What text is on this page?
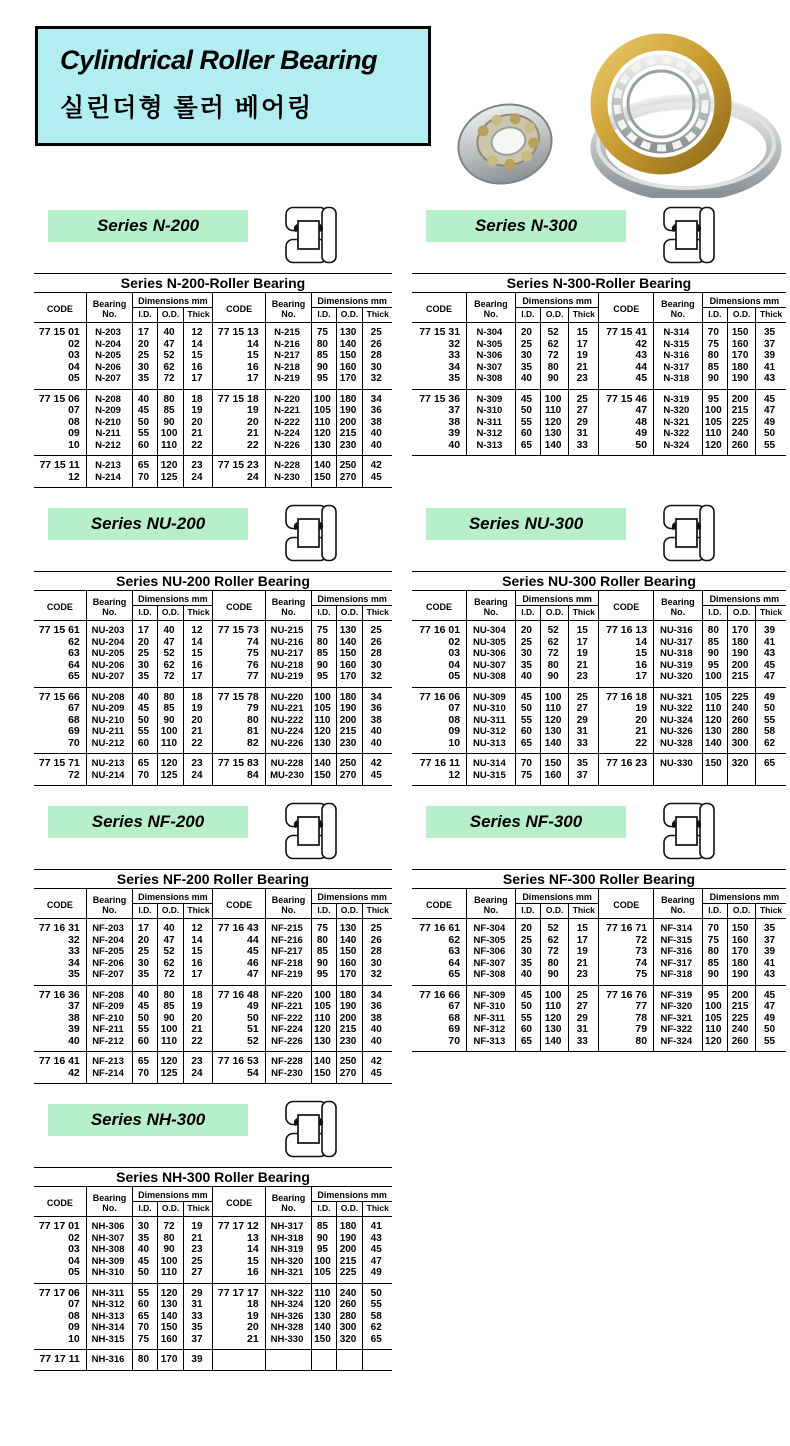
Cylindrical Roller Bearing
실린더형 롤러 베어링
Series N-200
Series N-200-Roller Bearing									
CODE	Bearing No.	Dimensions mm			CODE	Bearing No.	Dimensions mm		
		I.D.	O.D.	Thick			I.D.	O.D.	Thick
77 15 01	N-203	17	40	12	77 15 13	N-215	75	130	25
02	N-204	20	47	14	14	N-216	80	140	26
03	N-205	25	52	15	15	N-217	85	150	28
04	N-206	30	62	16	16	N-218	90	160	30
05	N-207	35	72	17	17	N-219	95	170	32
77 15 06	N-208	40	80	18	77 15 18	N-220	100	180	34
07	N-209	45	85	19	19	N-221	105	190	36
08	N-210	50	90	20	20	N-222	110	200	38
09	N-211	55	100	21	21	N-224	120	215	40
10	N-212	60	110	22	22	N-226	130	230	40
77 15 11	N-213	65	120	23	77 15 23	N-228	140	250	42
12	N-214	70	125	24	24	N-230	150	270	45
Series N-300
Series N-300-Roller Bearing									
CODE	Bearing No.	Dimensions mm			CODE	Bearing No.	Dimensions mm		
		I.D.	O.D.	Thick			I.D.	O.D.	Thick
77 15 31	N-304	20	52	15	77 15 41	N-314	70	150	35
32	N-305	25	62	17	42	N-315	75	160	37
33	N-306	30	72	19	43	N-316	80	170	39
34	N-307	35	80	21	44	N-317	85	180	41
35	N-308	40	90	23	45	N-318	90	190	43
77 15 36	N-309	45	100	25	77 15 46	N-319	95	200	45
37	N-310	50	110	27	47	N-320	100	215	47
38	N-311	55	120	29	48	N-321	105	225	49
39	N-312	60	130	31	49	N-322	110	240	50
40	N-313	65	140	33	50	N-324	120	260	55
Series NU-200
Series NU-200 Roller Bearing									
CODE	Bearing No.	Dimensions mm			CODE	Bearing No.	Dimensions mm		
		I.D.	O.D.	Thick			I.D.	O.D.	Thick
77 15 61	NU-203	17	40	12	77 15 73	NU-215	75	130	25
62	NU-204	20	47	14	74	NU-216	80	140	26
63	NU-205	25	52	15	75	NU-217	85	150	28
64	NU-206	30	62	16	76	NU-218	90	160	30
65	NU-207	35	72	17	77	NU-219	95	170	32
77 15 66	NU-208	40	80	18	77 15 78	NU-220	100	180	34
67	NU-209	45	85	19	79	NU-221	105	190	36
68	NU-210	50	90	20	80	NU-222	110	200	38
69	NU-211	55	100	21	81	NU-224	120	215	40
70	NU-212	60	110	22	82	NU-226	130	230	40
77 15 71	NU-213	65	120	23	77 15 83	NU-228	140	250	42
72	NU-214	70	125	24	84	MU-230	150	270	45
Series NU-300
Series NU-300 Roller Bearing									
CODE	Bearing No.	Dimensions mm			CODE	Bearing No.	Dimensions mm		
		I.D.	O.D.	Thick			I.D.	O.D.	Thick
77 16 01	NU-304	20	52	15	77 16 13	NU-316	80	170	39
02	NU-305	25	62	17	14	NU-317	85	180	41
03	NU-306	30	72	19	15	NU-318	90	190	43
04	NU-307	35	80	21	16	NU-319	95	200	45
05	NU-308	40	90	23	17	NU-320	100	215	47
77 16 06	NU-309	45	100	25	77 16 18	NU-321	105	225	49
07	NU-310	50	110	27	19	NU-322	110	240	50
08	NU-311	55	120	29	20	NU-324	120	260	55
09	NU-312	60	130	31	21	NU-326	130	280	58
10	NU-313	65	140	33	22	NU-328	140	300	62
77 16 11	NU-314	70	150	35	77 16 23	NU-330	150	320	65
12	NU-315	75	160	37					
Series NF-200
Series NF-200 Roller Bearing									
CODE	Bearing No.	Dimensions mm			CODE	Bearing No.	Dimensions mm		
		I.D.	O.D.	Thick			I.D.	O.D.	Thick
77 16 31	NF-203	17	40	12	77 16 43	NF-215	75	130	25
32	NF-204	20	47	14	44	NF-216	80	140	26
33	NF-205	25	52	15	45	NF-217	85	150	28
34	NF-206	30	62	16	46	NF-218	90	160	30
35	NF-207	35	72	17	47	NF-219	95	170	32
77 16 36	NF-208	40	80	18	77 16 48	NF-220	100	180	34
37	NF-209	45	85	19	49	NF-221	105	190	36
38	NF-210	50	90	20	50	NF-222	110	200	38
39	NF-211	55	100	21	51	NF-224	120	215	40
40	NF-212	60	110	22	52	NF-226	130	230	40
77 16 41	NF-213	65	120	23	77 16 53	NF-228	140	250	42
42	NF-214	70	125	24	54	NF-230	150	270	45
Series NF-300
Series NF-300 Roller Bearing									
CODE	Bearing No.	Dimensions mm			CODE	Bearing No.	Dimensions mm		
		I.D.	O.D.	Thick			I.D.	O.D.	Thick
77 16 61	NF-304	20	52	15	77 16 71	NF-314	70	150	35
62	NF-305	25	62	17	72	NF-315	75	160	37
63	NF-306	30	72	19	73	NF-316	80	170	39
64	NF-307	35	80	21	74	NF-317	85	180	41
65	NF-308	40	90	23	75	NF-318	90	190	43
77 16 66	NF-309	45	100	25	77 16 76	NF-319	95	200	45
67	NF-310	50	110	27	77	NF-320	100	215	47
68	NF-311	55	120	29	78	NF-321	105	225	49
69	NF-312	60	130	31	79	NF-322	110	240	50
70	NF-313	65	140	33	80	NF-324	120	260	55
Series NH-300
Series NH-300 Roller Bearing									
CODE	Bearing No.	Dimensions mm			CODE	Bearing No.	Dimensions mm		
		I.D.	O.D.	Thick			I.D.	O.D.	Thick
77 17 01	NH-306	30	72	19	77 17 12	NH-317	85	180	41
02	NH-307	35	80	21	13	NH-318	90	190	43
03	NH-308	40	90	23	14	NH-319	95	200	45
04	NH-309	45	100	25	15	NH-320	100	215	47
05	NH-310	50	110	27	16	NH-321	105	225	49
77 17 06	NH-311	55	120	29	77 17 17	NH-322	110	240	50
07	NH-312	60	130	31	18	NH-324	120	260	55
08	NH-313	65	140	33	19	NH-326	130	280	58
09	NH-314	70	150	35	20	NH-328	140	300	62
10	NH-315	75	160	37	21	NH-330	150	320	65
77 17 11	NH-316	80	170	39					
